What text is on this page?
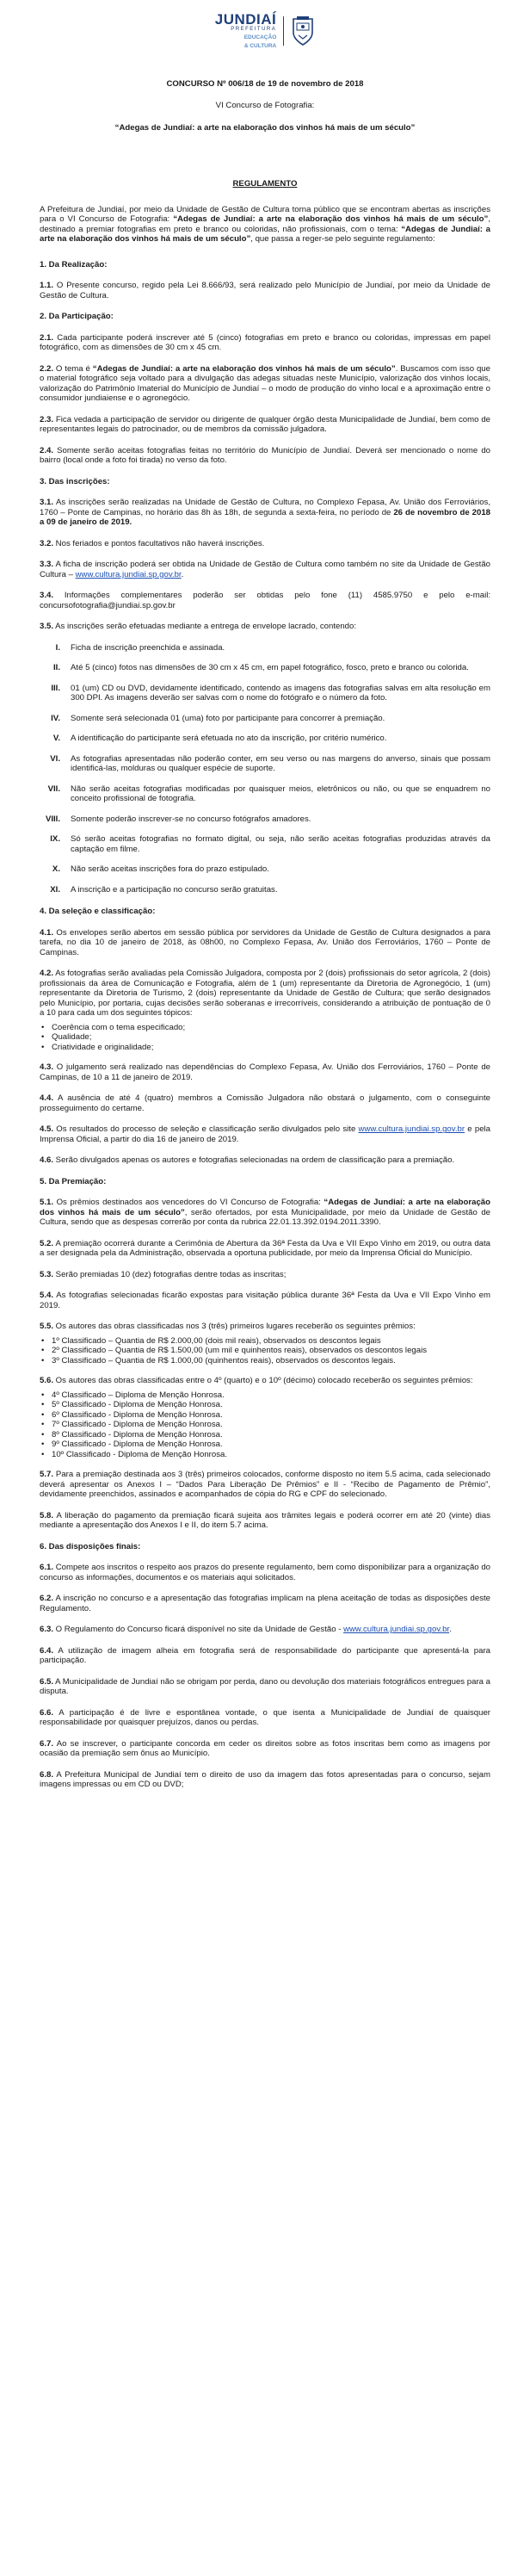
JUNDIAÍ
PREFEITURA
EDUCAÇÃO
& CULTURA
CONCURSO Nº 006/18 de 19 de novembro de 2018
VI Concurso de Fotografia:
“Adegas de Jundiaí: a arte na elaboração dos vinhos há mais de um século”
REGULAMENTO

A Prefeitura de Jundiaí, por meio da Unidade de Gestão de Cultura torna público que se encontram abertas as inscrições para o VI Concurso de Fotografia: “Adegas de Jundiaí: a arte na elaboração dos vinhos há mais de um século”, destinado a premiar fotografias em preto e branco ou coloridas, não profissionais, com o tema: “Adegas de Jundiaí: a arte na elaboração dos vinhos há mais de um século”, que passa a reger-se pelo seguinte regulamento:

1. Da Realização:

1.1. O Presente concurso, regido pela Lei 8.666/93, será realizado pelo Município de Jundiaí, por meio da Unidade de Gestão de Cultura.

2. Da Participação:

2.1. Cada participante poderá inscrever até 5 (cinco) fotografias em preto e branco ou coloridas, impressas em papel fotográfico, com as dimensões de 30 cm x 45 cm.

2.2. O tema é “Adegas de Jundiaí: a arte na elaboração dos vinhos há mais de um século”. Buscamos com isso que o material fotográfico seja voltado para a divulgação das adegas situadas neste Município, valorização dos vinhos locais, valorização do Patrimônio Imaterial do Município de Jundiaí – o modo de produção do vinho local e a aproximação entre o consumidor jundiaiense e o agronegócio.

2.3. Fica vedada a participação de servidor ou dirigente de qualquer órgão desta Municipalidade de Jundiaí, bem como de representantes legais do patrocinador, ou de membros da comissão julgadora.

2.4. Somente serão aceitas fotografias feitas no território do Município de Jundiaí. Deverá ser mencionado o nome do bairro (local onde a foto foi tirada) no verso da foto.

3. Das inscrições:

3.1. As inscrições serão realizadas na Unidade de Gestão de Cultura, no Complexo Fepasa, Av. União dos Ferroviários, 1760 – Ponte de Campinas, no horário das 8h às 18h, de segunda a sexta-feira, no período de 26 de novembro de 2018 a 09 de janeiro de 2019.

3.2. Nos feriados e pontos facultativos não haverá inscrições.

3.3. A ficha de inscrição poderá ser obtida na Unidade de Gestão de Cultura como também no site da Unidade de Gestão Cultura – www.cultura.jundiai.sp.gov.br.

3.4. Informações complementares poderão ser obtidas pelo fone (11) 4585.9750 e pelo e-mail: concursofotografia@jundiai.sp.gov.br

3.5. As inscrições serão efetuadas mediante a entrega de envelope lacrado, contendo:

I.	Ficha de inscrição preenchida e assinada.
II.	Até 5 (cinco) fotos nas dimensões de 30 cm x 45 cm, em papel fotográfico, fosco, preto e branco ou colorida.
III.	01 (um) CD ou DVD, devidamente identificado, contendo as imagens das fotografias salvas em alta resolução em 300 DPI. As imagens deverão ser salvas com o nome do fotógrafo e o número da foto.
IV.	Somente será selecionada 01 (uma) foto por participante para concorrer à premiação.
V.	A identificação do participante será efetuada no ato da inscrição, por critério numérico.
VI.	As fotografias apresentadas não poderão conter, em seu verso ou nas margens do anverso, sinais que possam identificá-las, molduras ou qualquer espécie de suporte.
VII.	Não serão aceitas fotografias modificadas por quaisquer meios, eletrônicos ou não, ou que se enquadrem no conceito profissional de fotografia.
VIII.	Somente poderão inscrever-se no concurso fotógrafos amadores.
IX.	Só serão aceitas fotografias no formato digital, ou seja, não serão aceitas fotografias produzidas através da captação em filme.
X.	Não serão aceitas inscrições fora do prazo estipulado.
XI.	A inscrição e a participação no concurso serão gratuitas.
4. Da seleção e classificação:

4.1. Os envelopes serão abertos em sessão pública por servidores da Unidade de Gestão de Cultura designados a para tarefa, no dia 10 de janeiro de 2018, às 08h00, no Complexo Fepasa, Av. União dos Ferroviários, 1760 – Ponte de Campinas.

4.2. As fotografias serão avaliadas pela Comissão Julgadora, composta por 2 (dois) profissionais do setor agrícola, 2 (dois) profissionais da área de Comunicação e Fotografia, além de 1 (um) representante da Diretoria de Agronegócio, 1 (um) representante da Diretoria de Turismo, 2 (dois) representante da Unidade de Gestão de Cultura; que serão designados pelo Município, por portaria, cujas decisões serão soberanas e irrecorríveis, considerando a atribuição de pontuação de 0 a 10 para cada um dos seguintes tópicos:

• Coerência com o tema especificado;
• Qualidade;
• Criatividade e originalidade;

4.3. O julgamento será realizado nas dependências do Complexo Fepasa, Av. União dos Ferroviários, 1760 – Ponte de Campinas, de 10 a 11 de janeiro de 2019.

4.4. A ausência de até 4 (quatro) membros a Comissão Julgadora não obstará o julgamento, com o conseguinte prosseguimento do certame.

4.5. Os resultados do processo de seleção e classificação serão divulgados pelo site www.cultura.jundiai.sp.gov.br e pela Imprensa Oficial, a partir do dia 16 de janeiro de 2019.

4.6. Serão divulgados apenas os autores e fotografias selecionadas na ordem de classificação para a premiação.

5. Da Premiação:

5.1. Os prêmios destinados aos vencedores do VI Concurso de Fotografia: “Adegas de Jundiaí: a arte na elaboração dos vinhos há mais de um século”, serão ofertados, por esta Municipalidade, por meio da Unidade de Gestão de Cultura, sendo que as despesas correrão por conta da rubrica 22.01.13.392.0194.2011.3390.

5.2. A premiação ocorrerá durante a Cerimônia de Abertura da 36ª Festa da Uva e VII Expo Vinho em 2019, ou outra data a ser designada pela da Administração, observada a oportuna publicidade, por meio da Imprensa Oficial do Município.

5.3. Serão premiadas 10 (dez) fotografias dentre todas as inscritas;

5.4. As fotografias selecionadas ficarão expostas para visitação pública durante 36ª Festa da Uva e VII Expo Vinho em 2019.

5.5. Os autores das obras classificadas nos 3 (três) primeiros lugares receberão os seguintes prêmios:

• 1º Classificado – Quantia de R$ 2.000,00 (dois mil reais), observados os descontos legais
• 2º Classificado – Quantia de R$ 1.500,00 (um mil e quinhentos reais), observados os descontos legais
• 3º Classificado – Quantia de R$ 1.000,00 (quinhentos reais), observados os descontos legais.

5.6. Os autores das obras classificadas entre o 4º (quarto) e o 10º (décimo) colocado receberão os seguintes prêmios:

• 4º Classificado – Diploma de Menção Honrosa.
• 5º Classificado - Diploma de Menção Honrosa.
• 6º Classificado - Diploma de Menção Honrosa.
• 7º Classificado - Diploma de Menção Honrosa.
• 8º Classificado - Diploma de Menção Honrosa.
• 9º Classificado - Diploma de Menção Honrosa.
• 10º Classificado - Diploma de Menção Honrosa.

5.7. Para a premiação destinada aos 3 (três) primeiros colocados, conforme disposto no item 5.5 acima, cada selecionado deverá apresentar os Anexos I – “Dados Para Liberação De Prêmios” e II - “Recibo de Pagamento de Prêmio”, devidamente preenchidos, assinados e acompanhados de cópia do RG e CPF do selecionado.

5.8. A liberação do pagamento da premiação ficará sujeita aos trâmites legais e poderá ocorrer em até 20 (vinte) dias mediante a apresentação dos Anexos I e II, do item 5.7 acima.

6. Das disposições finais:

6.1. Compete aos inscritos o respeito aos prazos do presente regulamento, bem como disponibilizar para a organização do concurso as informações, documentos e os materiais aqui solicitados.

6.2. A inscrição no concurso e a apresentação das fotografias implicam na plena aceitação de todas as disposições deste Regulamento.

6.3. O Regulamento do Concurso ficará disponível no site da Unidade de Gestão - www.cultura.jundiai.sp.gov.br.

6.4. A utilização de imagem alheia em fotografia será de responsabilidade do participante que apresentá-la para participação.

6.5. A Municipalidade de Jundiaí não se obrigam por perda, dano ou devolução dos materiais fotográficos entregues para a disputa.

6.6. A participação é de livre e espontânea vontade, o que isenta a Municipalidade de Jundiaí de quaisquer responsabilidade por quaisquer prejuízos, danos ou perdas.

6.7. Ao se inscrever, o participante concorda em ceder os direitos sobre as fotos inscritas bem como as imagens por ocasião da premiação sem ônus ao Município.

6.8. A Prefeitura Municipal de Jundiaí tem o direito de uso da imagem das fotos apresentadas para o concurso, sejam imagens impressas ou em CD ou DVD;
